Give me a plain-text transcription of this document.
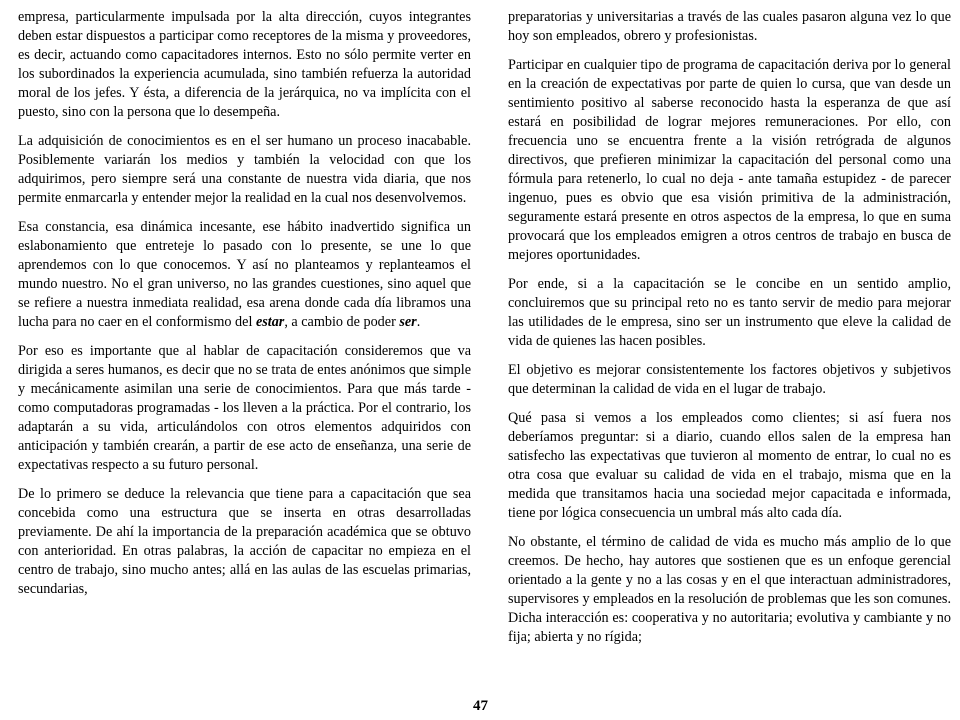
empresa, particularmente impulsada por la alta dirección, cuyos integrantes deben estar dispuestos a participar como receptores de la misma y proveedores, es decir, actuando como capacitadores internos. Esto no sólo permite verter en los subordinados la experiencia acumulada, sino también refuerza la autoridad moral de los jefes. Y ésta, a diferencia de la jerárquica, no va implícita con el puesto, sino con la persona que lo desempeña.

La adquisición de conocimientos es en el ser humano un proceso inacabable. Posiblemente variarán los medios y también la velocidad con que los adquirimos, pero siempre será una constante de nuestra vida diaria, que nos permite enmarcarla y entender mejor la realidad en la cual nos desenvolvemos.

Esa constancia, esa dinámica incesante, ese hábito inadvertido significa un eslabonamiento que entreteje lo pasado con lo presente, se une lo que aprendemos con lo que conocemos. Y así no planteamos y replanteamos el mundo nuestro. No el gran universo, no las grandes cuestiones, sino aquel que se refiere a nuestra inmediata realidad, esa arena donde cada día libramos una lucha para no caer en el conformismo del estar, a cambio de poder ser.

Por eso es importante que al hablar de capacitación consideremos que va dirigida a seres humanos, es decir que no se trata de entes anónimos que simple y mecánicamente asimilan una serie de conocimientos. Para que más tarde - como computadoras programadas - los lleven a la práctica. Por el contrario, los adaptarán a su vida, articulándolos con otros elementos adquiridos con anticipación y también crearán, a partir de ese acto de enseñanza, una serie de expectativas respecto a su futuro personal.

De lo primero se deduce la relevancia que tiene para a capacitación que sea concebida como una estructura que se inserta en otras desarrolladas previamente. De ahí la importancia de la preparación académica que se obtuvo con anterioridad. En otras palabras, la acción de capacitar no empieza en el centro de trabajo, sino mucho antes; allá en las aulas de las escuelas primarias, secundarias,

preparatorias y universitarias a través de las cuales pasaron alguna vez lo que hoy son empleados, obrero y profesionistas.

Participar en cualquier tipo de programa de capacitación deriva por lo general en la creación de expectativas por parte de quien lo cursa, que van desde un sentimiento positivo al saberse reconocido hasta la esperanza de que así estará en posibilidad de lograr mejores remuneraciones. Por ello, con frecuencia uno se encuentra frente a la visión retrógrada de algunos directivos, que prefieren minimizar la capacitación del personal como una fórmula para retenerlo, lo cual no deja - ante tamaña estupidez - de parecer ingenuo, pues es obvio que esa visión primitiva de la administración, seguramente estará presente en otros aspectos de la empresa, lo que en suma provocará que los empleados emigren a otros centros de trabajo en busca de mejores oportunidades.

Por ende, si a la capacitación se le concibe en un sentido amplio, concluiremos que su principal reto no es tanto servir de medio para mejorar las utilidades de le empresa, sino ser un instrumento que eleve la calidad de vida de quienes las hacen posibles.

El objetivo es mejorar consistentemente los factores objetivos y subjetivos que determinan la calidad de vida en el lugar de trabajo.

Qué pasa si vemos a los empleados como clientes; si así fuera nos deberíamos preguntar: si a diario, cuando ellos salen de la empresa han satisfecho las expectativas que tuvieron al momento de entrar, lo cual no es otra cosa que evaluar su calidad de vida en el trabajo, misma que en la medida que transitamos hacia una sociedad mejor capacitada e informada, tiene por lógica consecuencia un umbral más alto cada día.

No obstante, el término de calidad de vida es mucho más amplio de lo que creemos. De hecho, hay autores que sostienen que es un enfoque gerencial orientado a la gente y no a las cosas y en el que interactuan administradores, supervisores y empleados en la resolución de problemas que les son comunes. Dicha interacción es: cooperativa y no autoritaria; evolutiva y cambiante y no fija; abierta y no rígida;

47
